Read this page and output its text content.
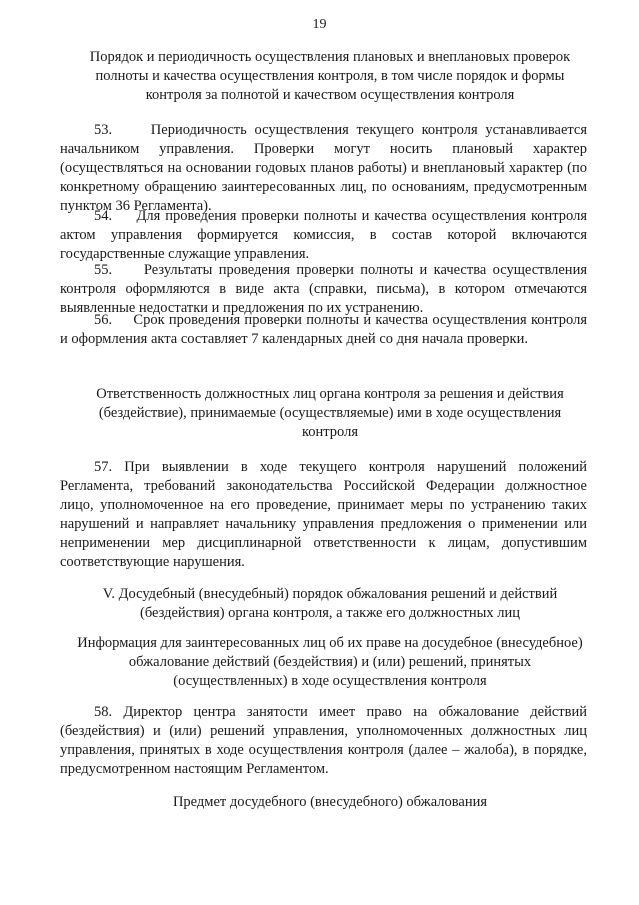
19
Порядок и периодичность осуществления плановых и внеплановых проверок полноты и качества осуществления контроля, в том числе порядок и формы контроля за полнотой и качеством осуществления контроля
53.     Периодичность осуществления текущего контроля устанавливается начальником управления. Проверки могут носить плановый характер (осуществляться на основании годовых планов работы) и внеплановый характер (по конкретному обращению заинтересованных лиц, по основаниям, предусмотренным пунктом 36 Регламента).
54.     Для проведения проверки полноты и качества осуществления контроля актом управления формируется комиссия, в состав которой включаются государственные служащие управления.
55.     Результаты проведения проверки полноты и качества осуществления контроля оформляются в виде акта (справки, письма), в котором отмечаются выявленные недостатки и предложения по их устранению.
56.     Срок проведения проверки полноты и качества осуществления контроля и оформления акта составляет 7 календарных дней со дня начала проверки.
Ответственность должностных лиц органа контроля за решения и действия (бездействие), принимаемые (осуществляемые) ими в ходе осуществления контроля
57. При выявлении в ходе текущего контроля нарушений положений Регламента, требований законодательства Российской Федерации должностное лицо, уполномоченное на его проведение, принимает меры по устранению таких нарушений и направляет начальнику управления предложения о применении или неприменении мер дисциплинарной ответственности к лицам, допустившим соответствующие нарушения.
V. Досудебный (внесудебный) порядок обжалования решений и действий (бездействия) органа контроля, а также его должностных лиц
Информация для заинтересованных лиц об их праве на досудебное (внесудебное) обжалование действий (бездействия) и (или) решений, принятых (осуществленных) в ходе осуществления контроля
58. Директор центра занятости имеет право на обжалование действий (бездействия) и (или) решений управления, уполномоченных должностных лиц управления, принятых в ходе осуществления контроля (далее – жалоба), в порядке, предусмотренном настоящим Регламентом.
Предмет досудебного (внесудебного) обжалования
